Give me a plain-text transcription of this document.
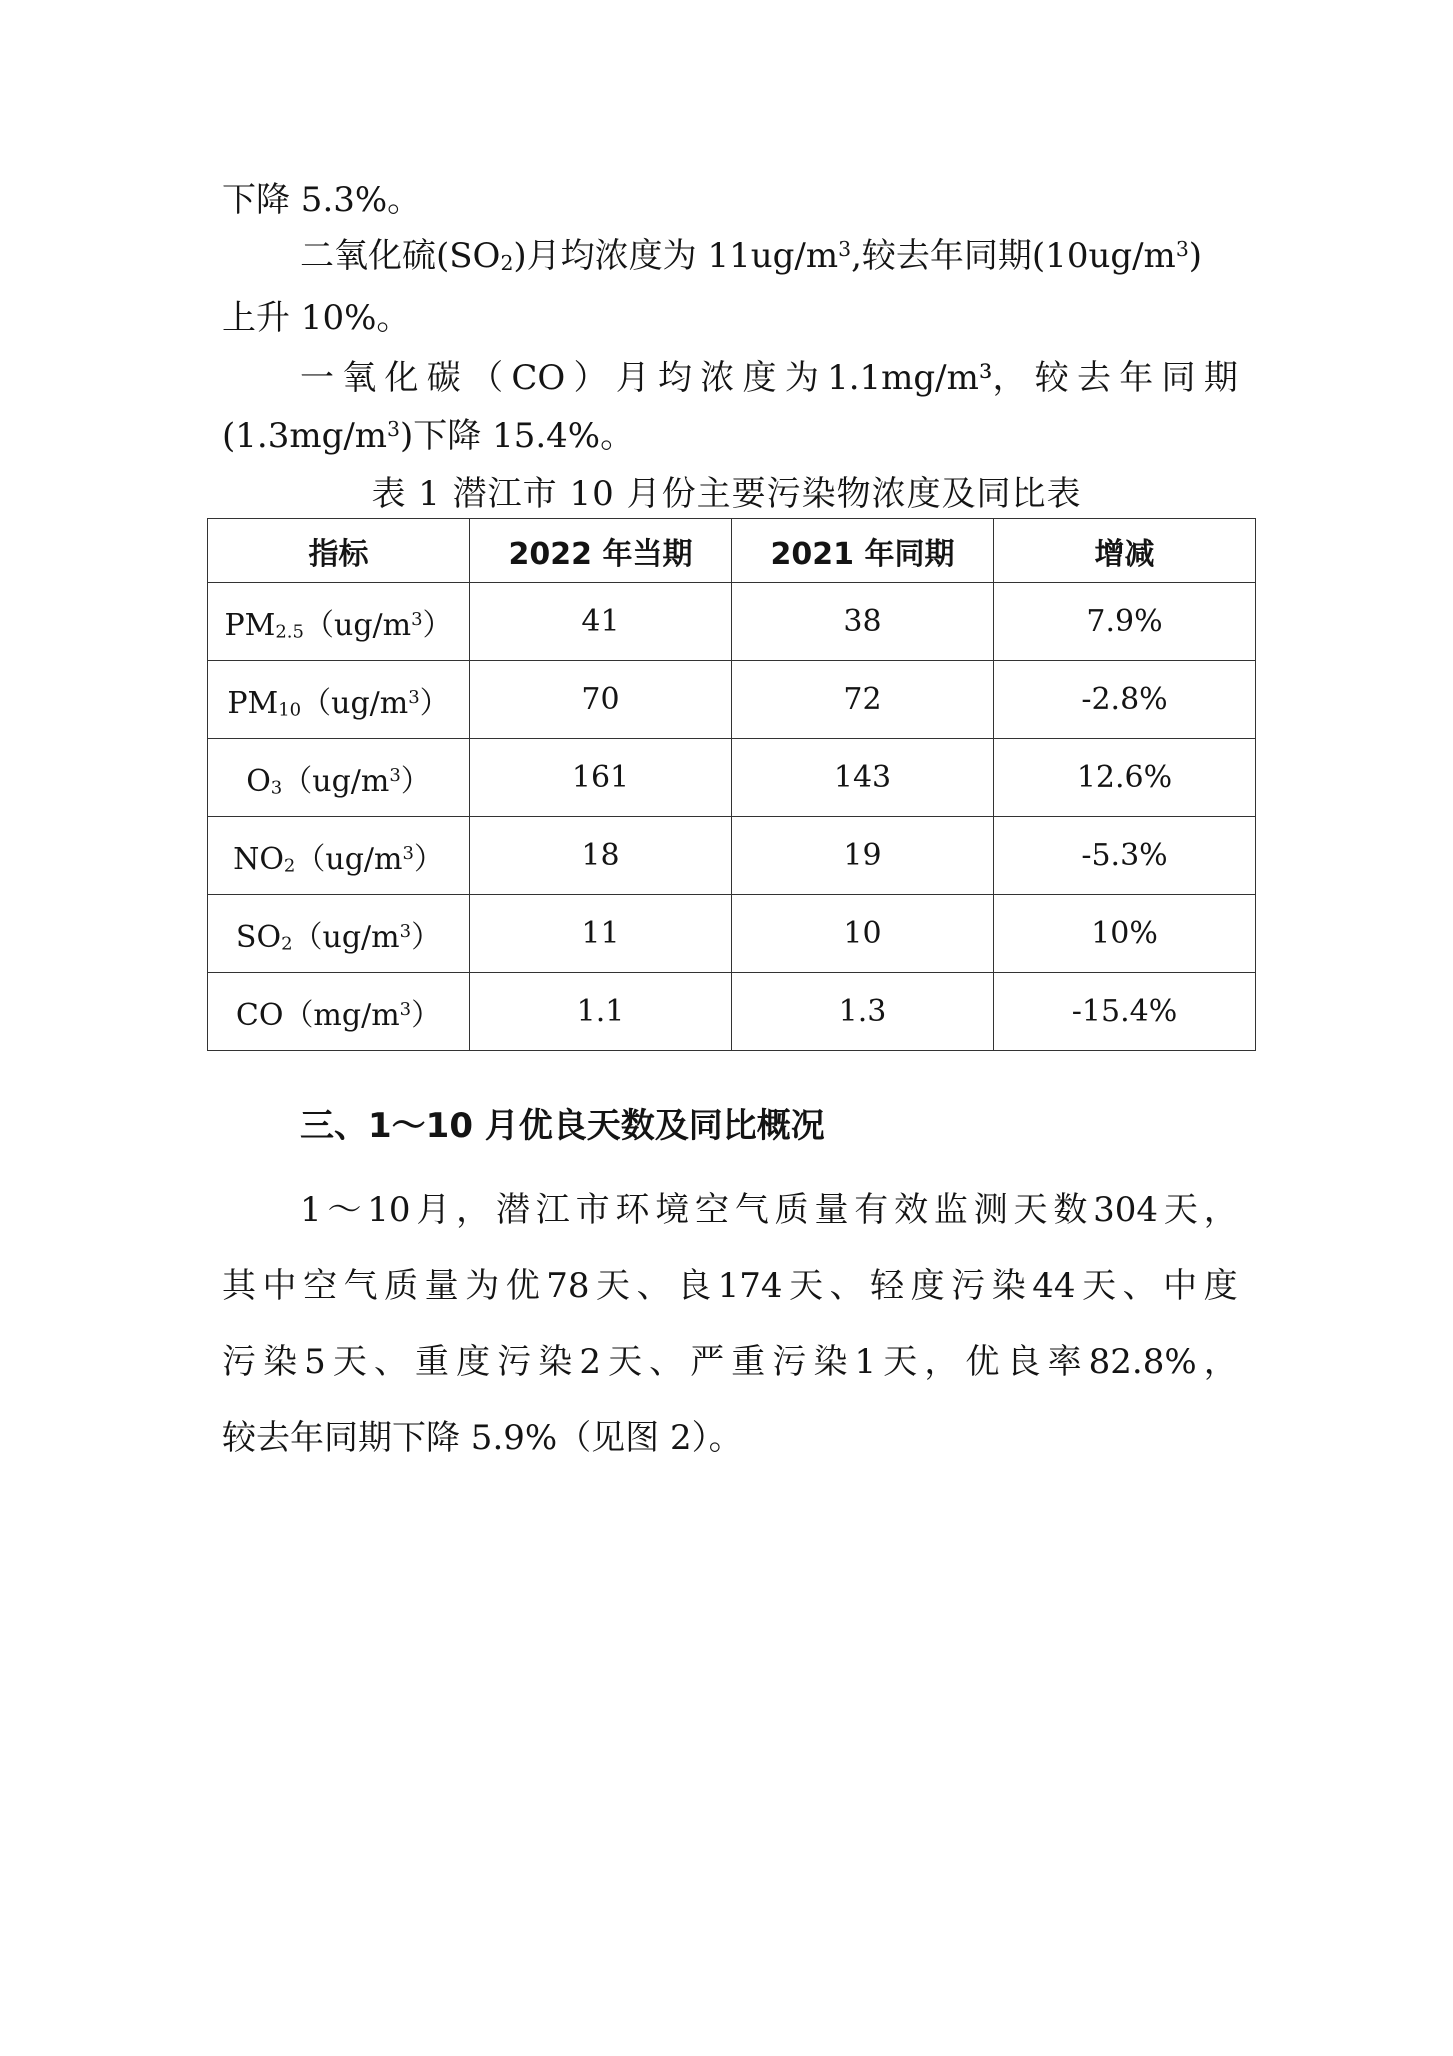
下降 5.3%。

二氧化硫$(SO_2)$月均浓度为 $11ug/m^3$,较去年同期$(10ug/m^3)$

上升 10%。

一 氧 化 碳 （ CO ） 月 均 浓 度 为 1.1mg/m³， 较 去 年 同 期

$(1.3mg/m^3)$下降 15.4%。

表 1 潜江市 10 月份主要污染物浓度及同比表
指标	2022 年当期	2021 年同期	增减
$PM_{2.5}(ug/m^3)$	41	38	7.9%
$PM_{10}(ug/m^3)$	70	72	-2.8%
$O_3(ug/m^3)$	161	143	12.6%
$NO_2(ug/m^3)$	18	19	-5.3%
$SO_2(ug/m^3)$	11	10	10%
$CO(mg/m^3)$	1.1	1.3	-15.4%
三、1～10 月优良天数及同比概况
1 ～ 10 月 ， 潜 江 市 环 境 空 气 质 量 有 效 监 测 天 数 304 天 ，
其 中 空 气 质 量 为 优 78 天 、 良 174 天 、 轻 度 污 染 44 天 、 中 度
污 染 5 天 、 重 度 污 染 2 天 、 严 重 污 染 1 天 ， 优 良 率 82.8% ，
较去年同期下降 5.9%（见图 2）。
